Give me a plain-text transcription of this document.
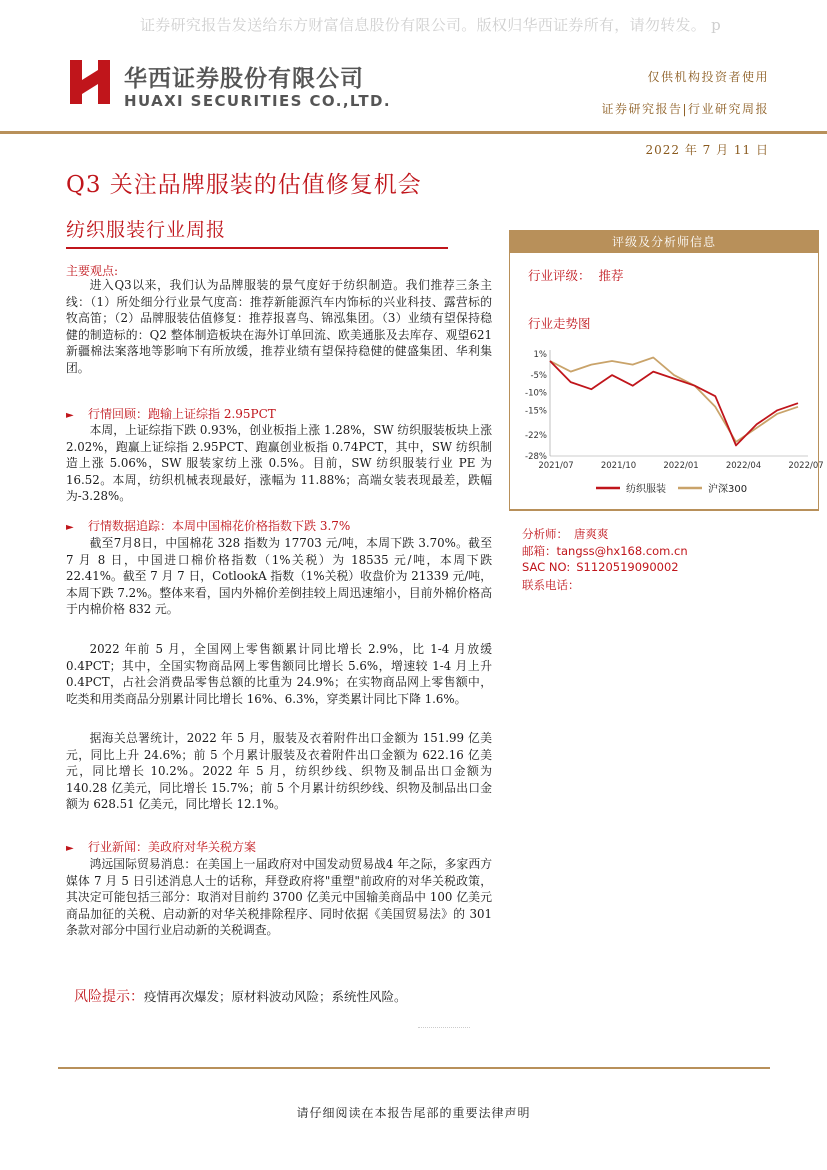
证券研究报告发送给东方财富信息股份有限公司。版权归华西证券所有，请勿转发。 p
华西证券股份有限公司
HUAXI SECURITIES CO.,LTD.
仅供机构投资者使用
证券研究报告|行业研究周报
2022 年 7 月 11 日
Q3 关注品牌服装的估值修复机会
纺织服装行业周报
主要观点:
进入Q3以来，我们认为品牌服装的景气度好于纺织制造。我们推荐三条主线：（1）所处细分行业景气度高：推荐新能源汽车内饰标的兴业科技、露营标的牧高笛；（2）品牌服装估值修复：推荐报喜鸟、锦泓集团。（3）业绩有望保持稳健的制造标的：Q2 整体制造板块在海外订单回流、欧美通胀及去库存、观望621 新疆棉法案落地等影响下有所放缓，推荐业绩有望保持稳健的健盛集团、华利集团。
► 行情回顾：跑输上证综指 2.95PCT
本周，上证综指下跌 0.93%，创业板指上涨 1.28%，SW 纺织服装板块上涨 2.02%，跑赢上证综指 2.95PCT、跑赢创业板指 0.74PCT，其中，SW 纺织制造上涨 5.06%，SW 服装家纺上涨 0.5%。目前，SW 纺织服装行业 PE 为 16.52。本周，纺织机械表现最好，涨幅为 11.88%；高端女装表现最差，跌幅为-3.28%。
► 行情数据追踪：本周中国棉花价格指数下跌 3.7%
截至7月8日，中国棉花 328 指数为 17703 元/吨，本周下跌 3.70%。截至 7 月 8 日，中国进口棉价格指数（1%关税）为 18535 元/吨，本周下跌 22.41%。截至 7 月 7 日，CotlookA 指数（1%关税）收盘价为 21339 元/吨，本周下跌 7.2%。整体来看，国内外棉价差倒挂较上周迅速缩小，目前外棉价格高于内棉价格 832 元。
2022 年前 5 月，全国网上零售额累计同比增长 2.9%，比 1-4 月放缓 0.4PCT；其中，全国实物商品网上零售额同比增长 5.6%，增速较 1-4 月上升 0.4PCT，占社会消费品零售总额的比重为 24.9%；在实物商品网上零售额中，吃类和用类商品分别累计同比增长 16%、6.3%，穿类累计同比下降 1.6%。
据海关总署统计，2022 年 5 月，服装及衣着附件出口金额为 151.99 亿美元，同比上升 24.6%；前 5 个月累计服装及衣着附件出口金额为 622.16 亿美元，同比增长 10.2%。2022 年 5 月，纺织纱线、织物及制品出口金额为 140.28 亿美元，同比增长 15.7%；前 5 个月累计纺织纱线、织物及制品出口金额为 628.51 亿美元，同比增长 12.1%。
► 行业新闻：美政府对华关税方案
鸿远国际贸易消息：在美国上一届政府对中国发动贸易战4 年之际，多家西方媒体 7 月 5 日引述消息人士的话称，拜登政府将"重塑"前政府的对华关税政策，其决定可能包括三部分：取消对目前约 3700 亿美元中国输美商品中 100 亿美元商品加征的关税、启动新的对华关税排除程序、同时依据《美国贸易法》的 301 条款对部分中国行业启动新的关税调查。
风险提示：疫情再次爆发；原材料波动风险；系统性风险。
请仔细阅读在本报告尾部的重要法律声明
评级及分析师信息
行业评级： 推荐
行业走势图
1%
-5%
-10%
-15%
-22%
-28%
2021/07	2021/10	2022/01	2022/04	2022/07
纺织服装	沪深300
分析师： 唐爽爽
邮箱：tangss@hx168.com.cn
SAC NO: S1120519090002
联系电话：
